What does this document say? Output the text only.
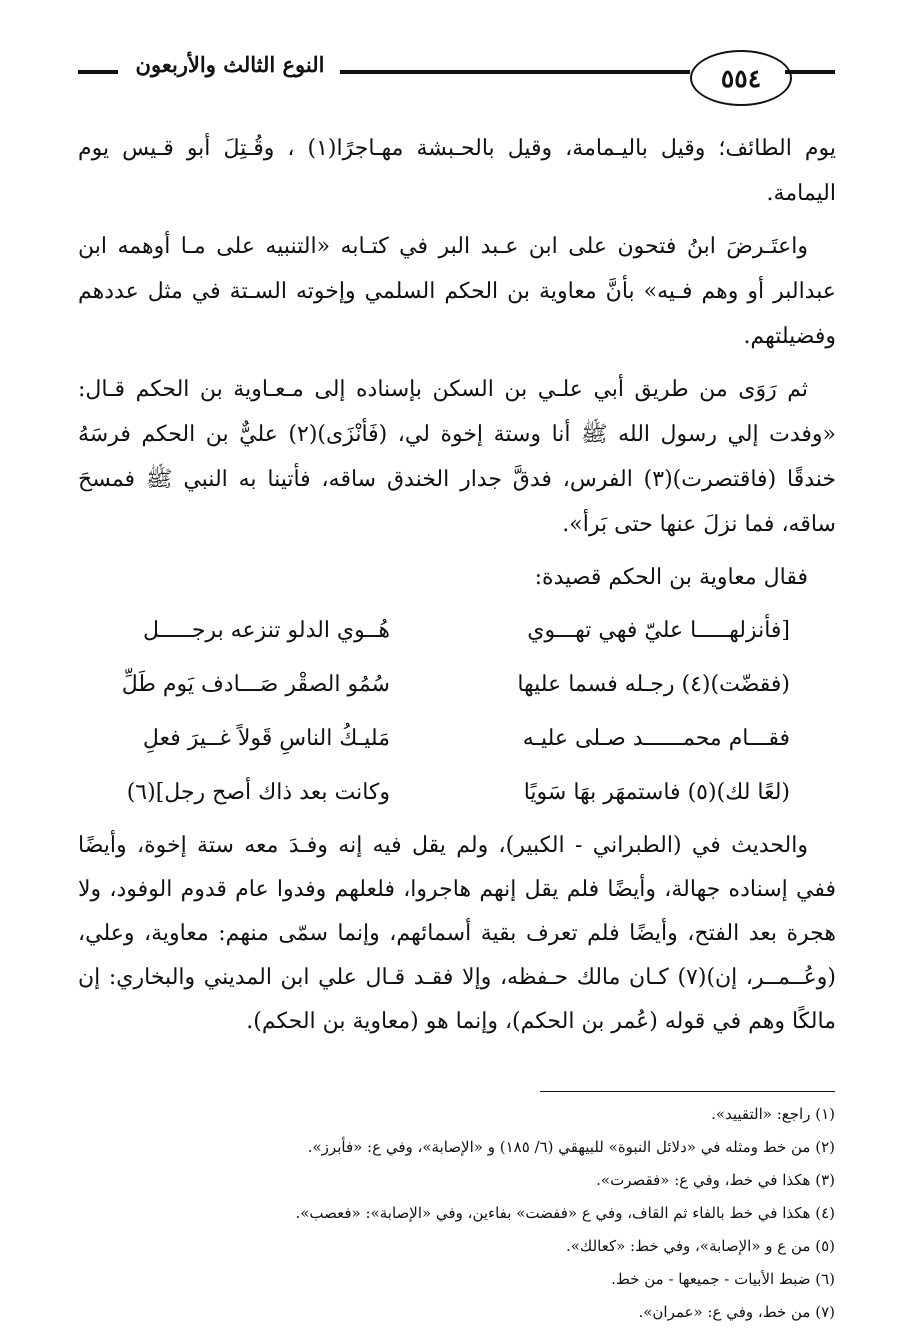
النوع الثالث والأربعون	٥٥٤

يوم الطائف؛ وقيل باليـمامة، وقيل بالحـبشة مهـاجرًا(١) ، وقُـتِلَ أبو قـيس يوم اليمامة.

واعتَـرضَ ابنُ فتحون على ابن عـبد البر في كتـابه «التنبيه على مـا أوهمه ابن عبدالبر أو وهم فـيه» بأنَّ معاوية بن الحكم السلمي وإخوته السـتة في مثل عددهم وفضيلتهم.

ثم رَوَى من طريق أبي علـي بن السكن بإسناده إلى مـعـاوية بن الحكم قـال: «وفدت إلي رسول الله ﷺ أنا وستة إخوة لي، (فَأنْزَى)(٢) عليٌّ بن الحكم فرسَهُ خندقًا (فاقتصرت)(٣) الفرس، فدقَّ جدار الخندق ساقه، فأتينا به النبي ﷺ فمسحَ ساقه، فما نزلَ عنها حتى بَرأ».

فقال معاوية بن الحكم قصيدة:

[فأنزلهـــــا عليّ فهي تهـــوي
هُــوي الدلو تنزعه برجـــــل
(فقضّت)(٤) رجـله فسما عليها
سُمُو الصقْر صَـــادف يَوم طَلِّ
فقـــام محمــــــد صـلى عليـه
مَليـكُ الناسِ قَولاً غــيرَ فعلِ
(لعًا لك)(٥) فاستمهَر بهَا سَويًا
وكانت بعد ذاك أصح رجل](٦)

والحديث في (الطبراني - الكبير)، ولم يقل فيه إنه وفـدَ معه ستة إخوة، وأيضًا ففي إسناده جهالة، وأيضًا فلم يقل إنهم هاجروا، فلعلهم وفدوا عام قدوم الوفود، ولا هجرة بعد الفتح، وأيضًا فلم تعرف بقية أسمائهم، وإنما سمّى منهم: معاوية، وعلي، (وعُــمــر، إن)(٧) كـان مالك حـفظه، وإلا فقـد قـال علي ابن المديني والبخاري: إن مالكًا وهم في قوله (عُمر بن الحكم)، وإنما هو (معاوية بن الحكم).

(١) راجع: «التقييد».
(٢) من خط ومثله في «دلائل النبوة» للبيهقي (٦/ ١٨٥) و «الإصابة»، وفي ع: «فأبرز».
(٣) هكذا في خط، وفي ع: «فقصرت».
(٤) هكذا في خط بالفاء ثم القاف، وفي ع «ففضت» بفاءين، وفي «الإصابة»: «فعصب».
(٥) من ع و «الإصابة»، وفي خط: «كعالك».
(٦) ضبط الأبيات - جميعها - من خط.
(٧) من خط، وفي ع: «عمران».
